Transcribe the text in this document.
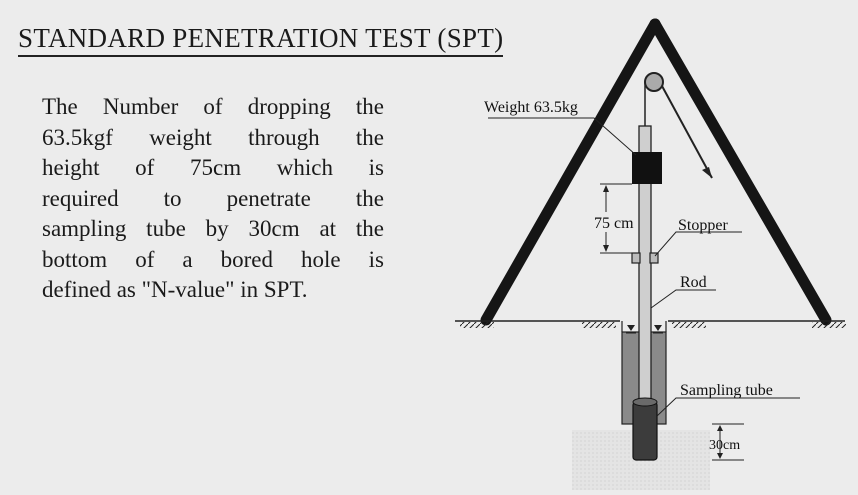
STANDARD PENETRATION TEST (SPT)

The Number of dropping the
63.5kgf weight through the
height of 75cm which is
required to penetrate the
sampling tube by 30cm at the
bottom of a bored hole is
defined as "N-value" in SPT.

75 cm
30cm
Weight 63.5kg
Stopper
Rod
Sampling tube
